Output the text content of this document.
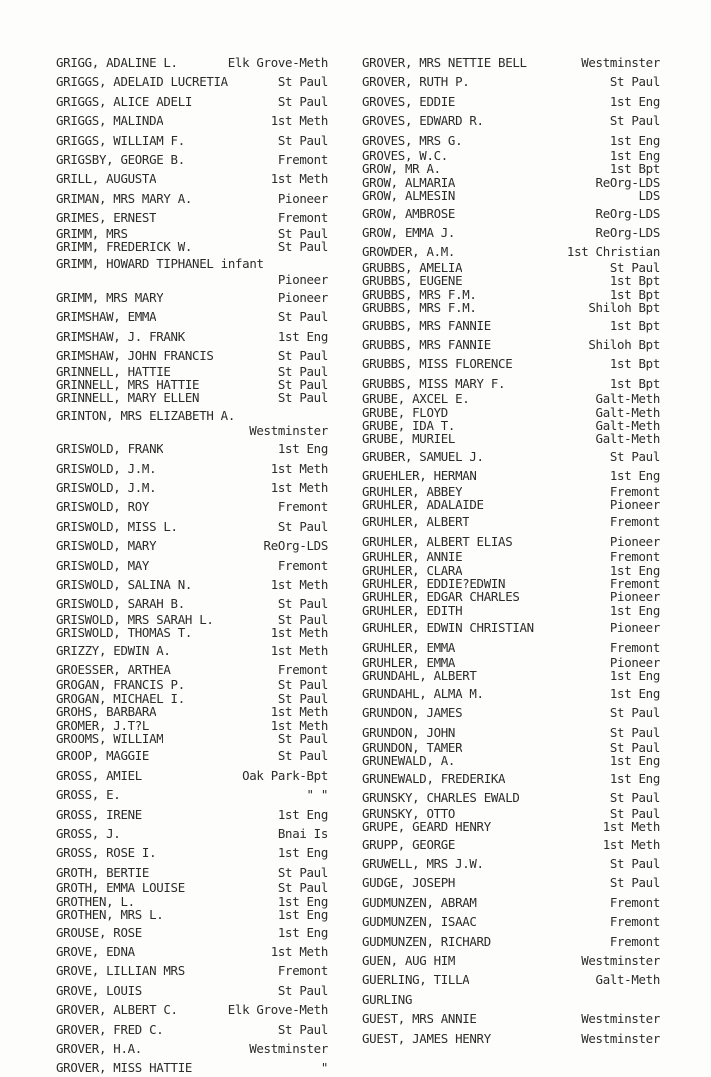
GRIGG, ADALINE L.	Elk Grove-Meth
GRIGGS, ADELAID LUCRETIA	St Paul
GRIGGS, ALICE ADELI	St Paul
GRIGGS, MALINDA	1st Meth
GRIGGS, WILLIAM F.	St Paul
GRIGSBY, GEORGE B.	Fremont
GRILL, AUGUSTA	1st Meth
GRIMAN, MRS MARY A.	Pioneer
GRIMES, ERNEST	Fremont
GRIMM, MRS	St Paul
GRIMM, FREDERICK W.	St Paul
GRIMM, HOWARD TIPHANEL infant
Pioneer
GRIMM, MRS MARY	Pioneer
GRIMSHAW, EMMA	St Paul
GRIMSHAW, J. FRANK	1st Eng
GRIMSHAW, JOHN FRANCIS	St Paul
GRINNELL, HATTIE	St Paul
GRINNELL, MRS HATTIE	St Paul
GRINNELL, MARY ELLEN	St Paul
GRINTON, MRS ELIZABETH A.
Westminster
GRISWOLD, FRANK	1st Eng
GRISWOLD, J.M.	1st Meth
GRISWOLD, J.M.	1st Meth
GRISWOLD, ROY	Fremont
GRISWOLD, MISS L.	St Paul
GRISWOLD, MARY	ReOrg-LDS
GRISWOLD, MAY	Fremont
GRISWOLD, SALINA N.	1st Meth
GRISWOLD, SARAH B.	St Paul
GRISWOLD, MRS SARAH L.	St Paul
GRISWOLD, THOMAS T.	1st Meth
GRIZZY, EDWIN A.	1st Meth
GROESSER, ARTHEA	Fremont
GROGAN, FRANCIS P.	St Paul
GROGAN, MICHAEL I.	St Paul
GROHS, BARBARA	1st Meth
GROMER, J.T?L	1st Meth
GROOMS, WILLIAM	St Paul
GROOP, MAGGIE	St Paul
GROSS, AMIEL	Oak Park-Bpt
GROSS, E.	" "
GROSS, IRENE	1st Eng
GROSS, J.	Bnai Is
GROSS, ROSE I.	1st Eng
GROTH, BERTIE	St Paul
GROTH, EMMA LOUISE	St Paul
GROTHEN, L.	1st Eng
GROTHEN, MRS L.	1st Eng
GROUSE, ROSE	1st Eng
GROVE, EDNA	1st Meth
GROVE, LILLIAN MRS	Fremont
GROVE, LOUIS	St Paul
GROVER, ALBERT C.	Elk Grove-Meth
GROVER, FRED C.	St Paul
GROVER, H.A.	Westminster
GROVER, MISS HATTIE	"
GROVER, MRS NETTIE BELL	Westminster
GROVER, RUTH P.	St Paul
GROVES, EDDIE	1st Eng
GROVES, EDWARD R.	St Paul
GROVES, MRS G.	1st Eng
GROVES, W.C.	1st Eng
GROW, MR A.	1st Bpt
GROW, ALMARIA	ReOrg-LDS
GROW, ALMESIN	LDS
GROW, AMBROSE	ReOrg-LDS
GROW, EMMA J.	ReOrg-LDS
GROWDER, A.M.	1st Christian
GRUBBS, AMELIA	St Paul
GRUBBS, EUGENE	1st Bpt
GRUBBS, MRS F.M.	1st Bpt
GRUBBS, MRS F.M.	Shiloh Bpt
GRUBBS, MRS FANNIE	1st Bpt
GRUBBS, MRS FANNIE	Shiloh Bpt
GRUBBS, MISS FLORENCE	1st Bpt
GRUBBS, MISS MARY F.	1st Bpt
GRUBE, AXCEL E.	Galt-Meth
GRUBE, FLOYD	Galt-Meth
GRUBE, IDA T.	Galt-Meth
GRUBE, MURIEL	Galt-Meth
GRUBER, SAMUEL J.	St Paul
GRUEHLER, HERMAN	1st Eng
GRUHLER, ABBEY	Fremont
GRUHLER, ADALAIDE	Pioneer
GRUHLER, ALBERT	Fremont
GRUHLER, ALBERT ELIAS	Pioneer
GRUHLER, ANNIE	Fremont
GRUHLER, CLARA	1st Eng
GRUHLER, EDDIE?EDWIN	Fremont
GRUHLER, EDGAR CHARLES	Pioneer
GRUHLER, EDITH	1st Eng
GRUHLER, EDWIN CHRISTIAN	Pioneer
GRUHLER, EMMA	Fremont
GRUHLER, EMMA	Pioneer
GRUNDAHL, ALBERT	1st Eng
GRUNDAHL, ALMA M.	1st Eng
GRUNDON, JAMES	St Paul
GRUNDON, JOHN	St Paul
GRUNDON, TAMER	St Paul
GRUNEWALD, A.	1st Eng
GRUNEWALD, FREDERIKA	1st Eng
GRUNSKY, CHARLES EWALD	St Paul
GRUNSKY, OTTO	St Paul
GRUPE, GEARD HENRY	1st Meth
GRUPP, GEORGE	1st Meth
GRUWELL, MRS J.W.	St Paul
GUDGE, JOSEPH	St Paul
GUDMUNZEN, ABRAM	Fremont
GUDMUNZEN, ISAAC	Fremont
GUDMUNZEN, RICHARD	Fremont
GUEN, AUG HIM	Westminster
GUERLING, TILLA	Galt-Meth
GURLING
GUEST, MRS ANNIE	Westminster
GUEST, JAMES HENRY	Westminster
